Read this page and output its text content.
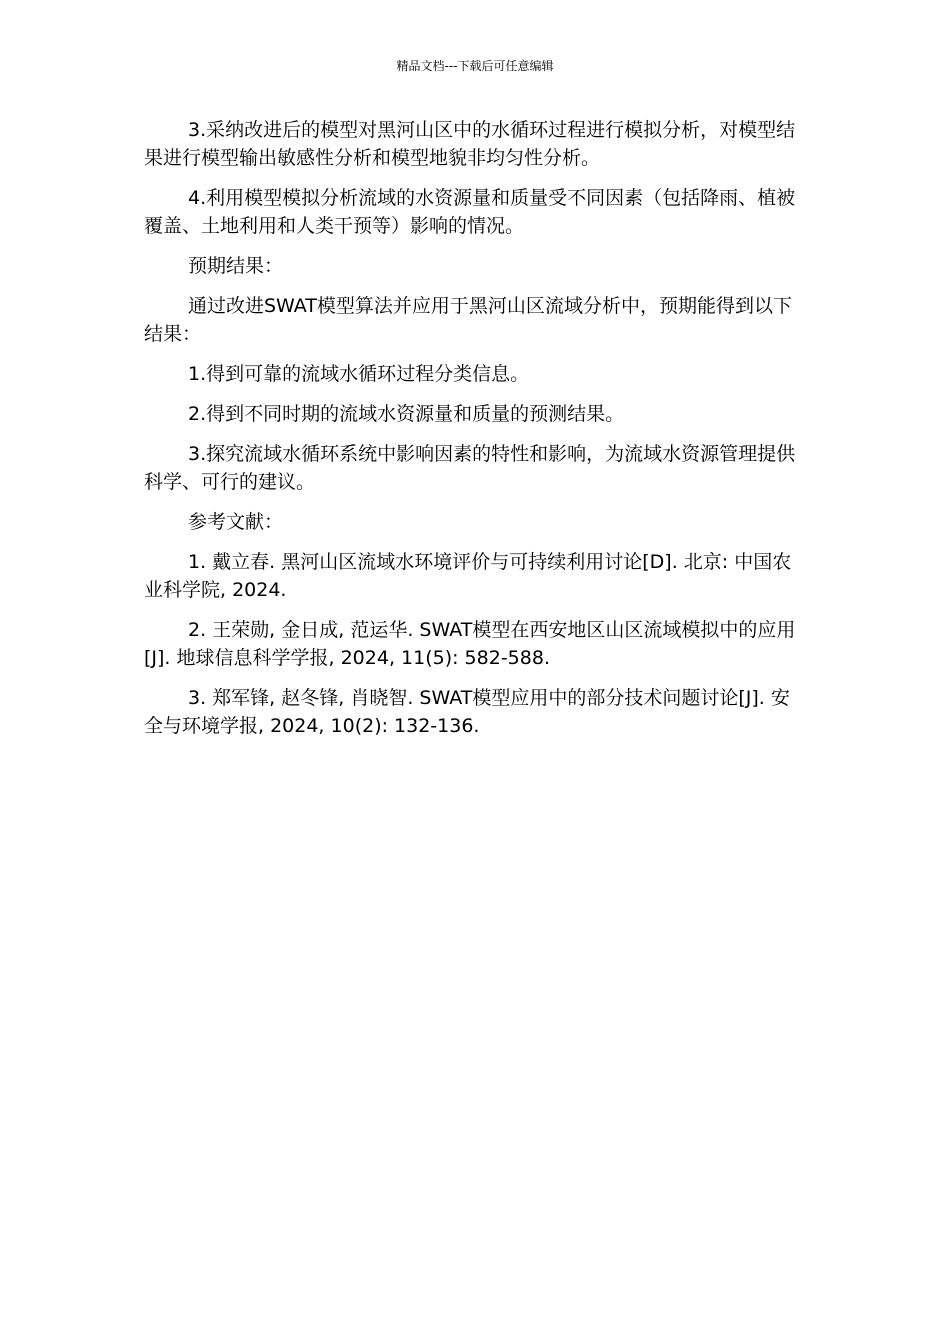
精品文档---下载后可任意编辑

3.采纳改进后的模型对黑河山区中的水循环过程进行模拟分析，对模型结果进行模型输出敏感性分析和模型地貌非均匀性分析。

4.利用模型模拟分析流域的水资源量和质量受不同因素（包括降雨、植被覆盖、土地利用和人类干预等）影响的情况。

预期结果：

通过改进SWAT模型算法并应用于黑河山区流域分析中，预期能得到以下结果：

1.得到可靠的流域水循环过程分类信息。

2.得到不同时期的流域水资源量和质量的预测结果。

3.探究流域水循环系统中影响因素的特性和影响，为流域水资源管理提供科学、可行的建议。

参考文献：

1. 戴立春. 黑河山区流域水环境评价与可持续利用讨论[D]. 北京: 中国农业科学院, 2024.

2. 王荣勋, 金日成, 范运华. SWAT模型在西安地区山区流域模拟中的应用[J]. 地球信息科学学报, 2024, 11(5): 582-588.

3. 郑军锋, 赵冬锋, 肖晓智. SWAT模型应用中的部分技术问题讨论[J]. 安全与环境学报, 2024, 10(2): 132-136.
